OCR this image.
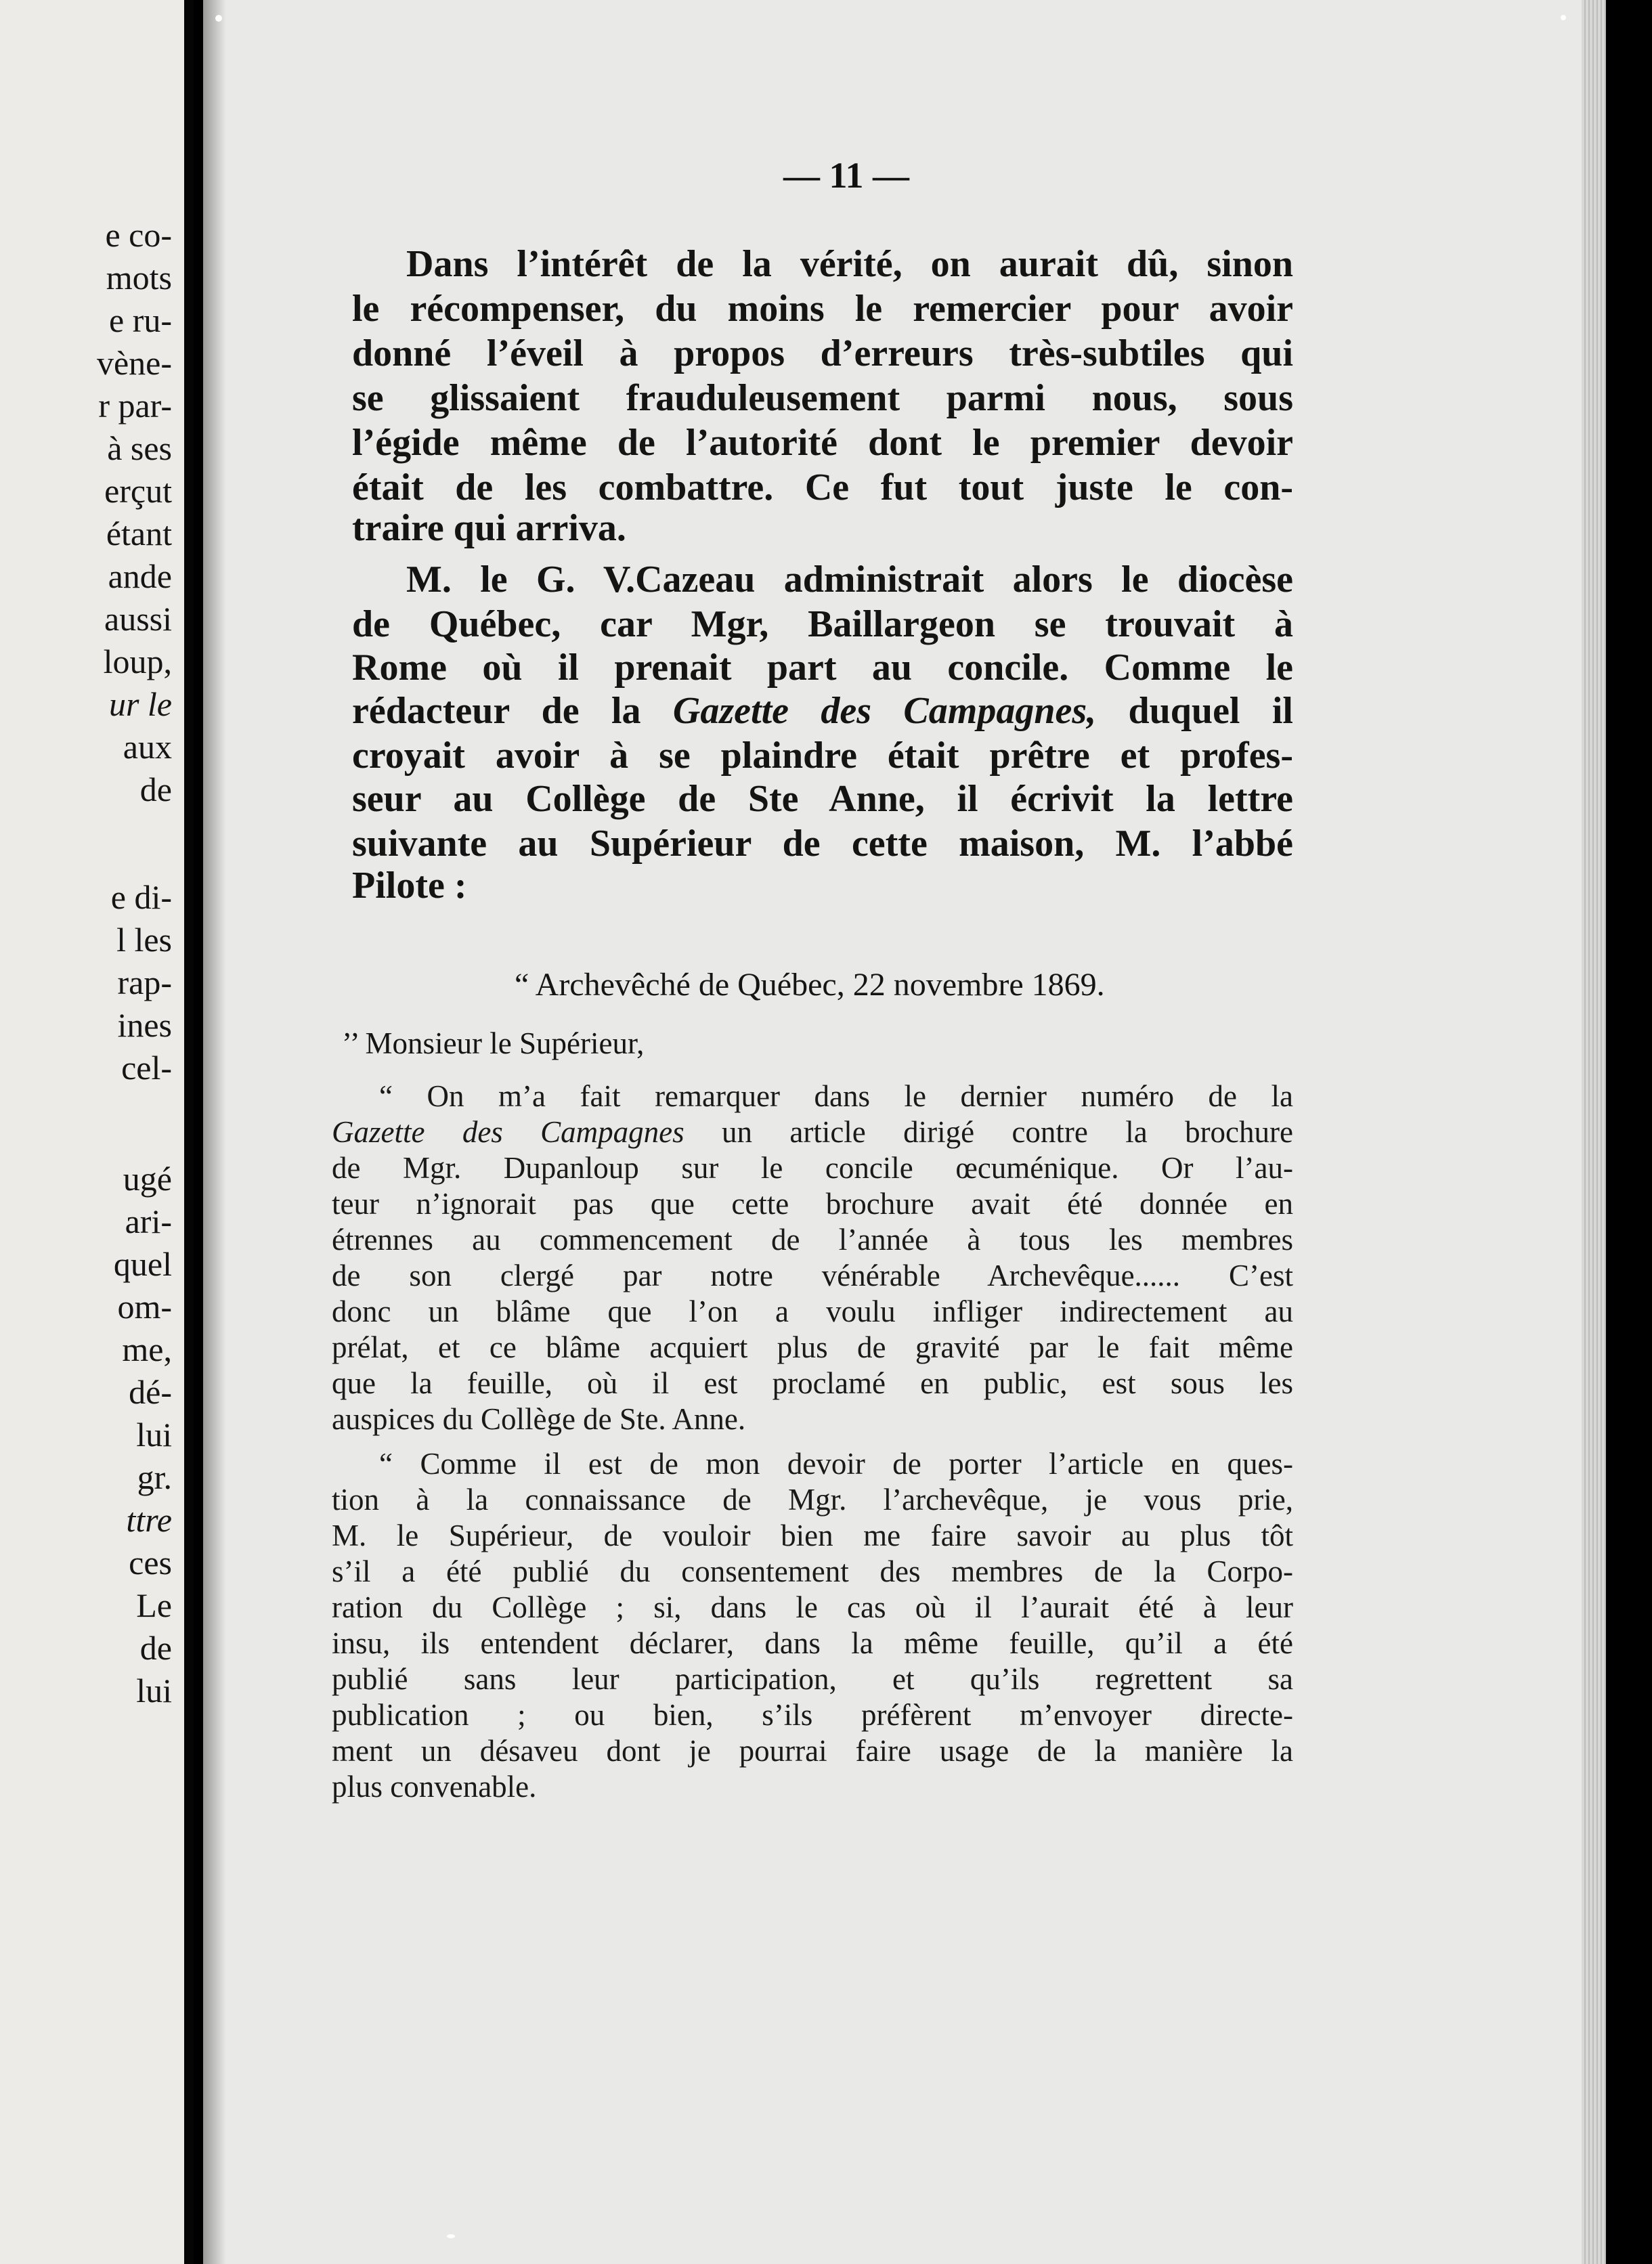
e co-

mots

e ru-

vène-

r par-

à ses

erçut

étant

ande

aussi

loup,

ur le

aux

de

e di-

l les

rap-

ines

cel-

ugé

ari-

quel

om-

me,

dé-

lui

gr.

ttre

ces

Le

de

lui

— 11 —

Dans l’intérêt de la vérité, on aurait dû, sinon

le récompenser, du moins le remercier pour avoir

donné l’éveil à propos d’erreurs très-subtiles qui

se glissaient frauduleusement parmi nous, sous

l’égide même de l’autorité dont le premier devoir

était de les combattre. Ce fut tout juste le con-

traire qui arriva.

M. le G. V.Cazeau administrait alors le diocèse

de Québec, car Mgr, Baillargeon se trouvait à

Rome où il prenait part au concile. Comme le

rédacteur de la Gazette des Campagnes, duquel il

croyait avoir à se plaindre était prêtre et profes-

seur au Collège de Ste Anne, il écrivit la lettre

suivante au Supérieur de cette maison, M. l’abbé

Pilote :

“ Archevêché de Québec, 22 novembre 1869.

’’ Monsieur le Supérieur,

“ On m’a fait remarquer dans le dernier numéro de la

Gazette des Campagnes un article dirigé contre la brochure

de Mgr. Dupanloup sur le concile œcuménique. Or l’au-

teur n’ignorait pas que cette brochure avait été donnée en

étrennes au commencement de l’année à tous les membres

de son clergé par notre vénérable Archevêque...... C’est

donc un blâme que l’on a voulu infliger indirectement au

prélat, et ce blâme acquiert plus de gravité par le fait même

que la feuille, où il est proclamé en public, est sous les

auspices du Collège de Ste. Anne.

“ Comme il est de mon devoir de porter l’article en ques-

tion à la connaissance de Mgr. l’archevêque, je vous prie,

M. le Supérieur, de vouloir bien me faire savoir au plus tôt

s’il a été publié du consentement des membres de la Corpo-

ration du Collège ; si, dans le cas où il l’aurait été à leur

insu, ils entendent déclarer, dans la même feuille, qu’il a été

publié sans leur participation, et qu’ils regrettent sa

publication ; ou bien, s’ils préfèrent m’envoyer directe-

ment un désaveu dont je pourrai faire usage de la manière la

plus convenable.
